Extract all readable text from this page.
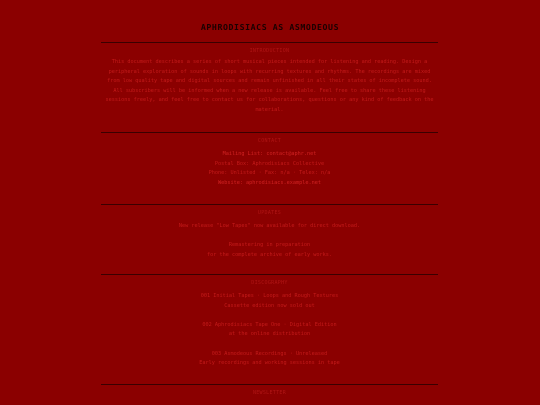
APHRODISIACS AS ASMODEOUS
INTRODUCTION
This document describes a series of short musical pieces intended for listening and reading. Design a peripheral exploration of sounds in loops with recurring textures and rhythms. The recordings are mixed from low quality tape and digital sources and remain unfinished in all their states of incomplete sound. All subscribers will be informed when a new release is available. Feel free to share these listening sessions freely, and feel free to contact us for collaborations, questions or any kind of feedback on the material.
CONTACT
Mailing List: contact@aphr.net
Postal Box: Aphrodisiacs Collective
Phone: Unlisted · Fax: n/a · Telex: n/a
Website: aphrodisiacs.example.net
UPDATES
New release "Low Tapes" now available for direct download.
Remastering in preparation
for the complete archive of early works.
DISCOGRAPHY
001 Initial Tapes · Loops and Rough Textures
Cassette edition now sold out
002 Aphrodisiacs Tape One · Digital Edition
at the online distribution
003 Asmodeous Recordings · Unreleased
Early recordings and working sessions in tape
NEWSLETTER
